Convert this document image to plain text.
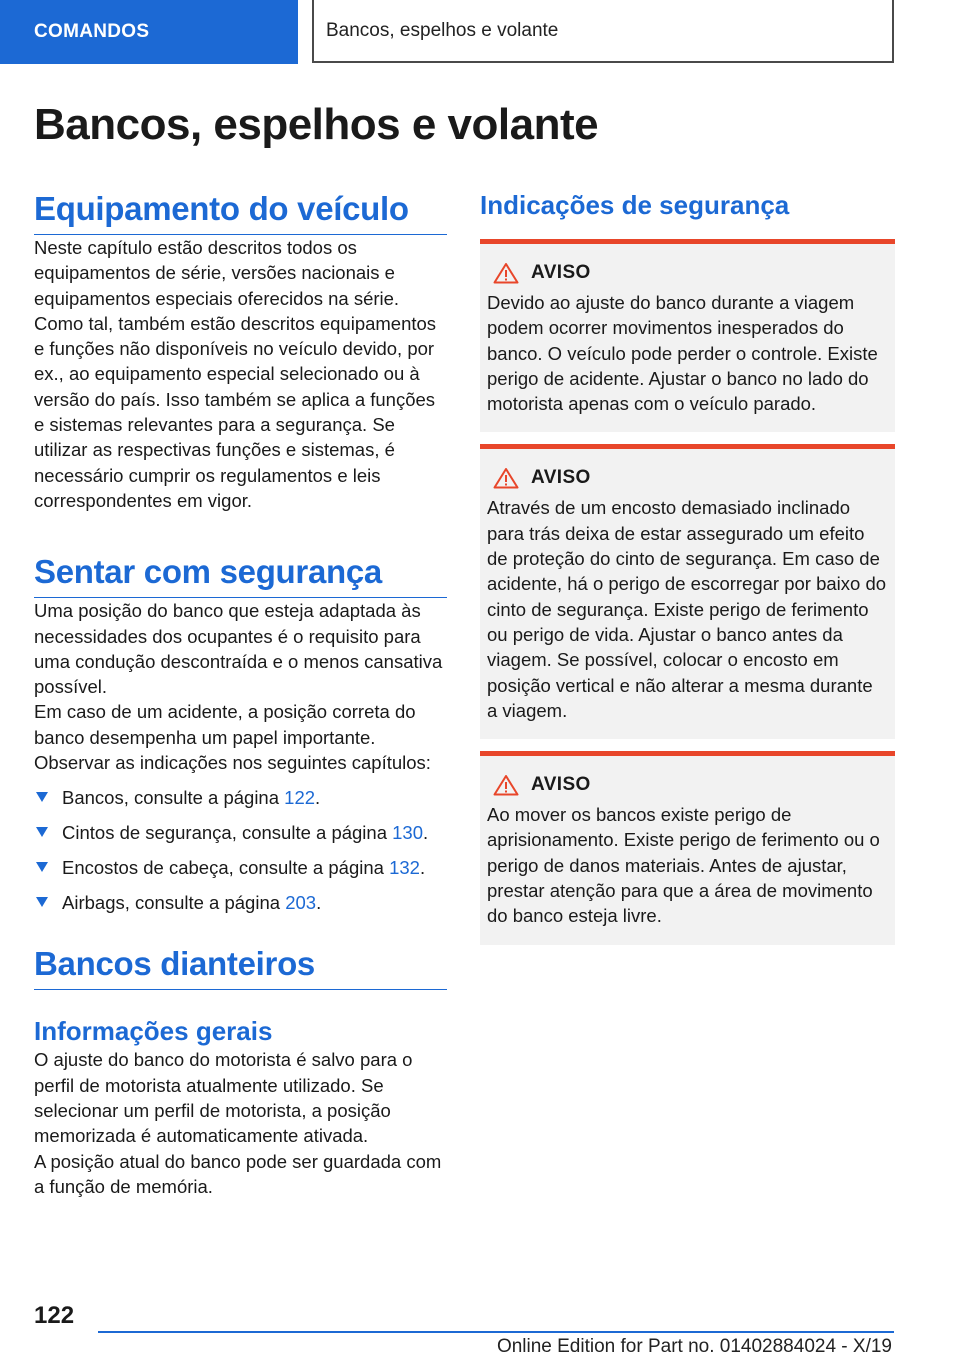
COMANDOS	Bancos, espelhos e volante
Bancos, espelhos e volante
Equipamento do veículo

Neste capítulo estão descritos todos os equipamentos de série, versões nacionais e equipamentos especiais oferecidos na série. Como tal, também estão descritos equipamentos e funções não disponíveis no veículo devido, por ex., ao equipamento especial selecionado ou à versão do país. Isso também se aplica a funções e sistemas relevantes para a segurança. Se utilizar as respectivas funções e sistemas, é necessário cumprir os regulamentos e leis correspondentes em vigor.

Sentar com segurança

Uma posição do banco que esteja adaptada às necessidades dos ocupantes é o requisito para uma condução descontraída e o menos cansativa possível.

Em caso de um acidente, a posição correta do banco desempenha um papel importante. Observar as indicações nos seguintes capítulos:

Bancos, consulte a página 122.
Cintos de segurança, consulte a página 130.
Encostos de cabeça, consulte a página 132.
Airbags, consulte a página 203.
Bancos dianteiros
Informações gerais

O ajuste do banco do motorista é salvo para o perfil de motorista atualmente utilizado. Se selecionar um perfil de motorista, a posição memorizada é automaticamente ativada.

A posição atual do banco pode ser guardada com a função de memória.

Indicações de segurança
AVISO

Devido ao ajuste do banco durante a viagem podem ocorrer movimentos inesperados do banco. O veículo pode perder o controle. Existe perigo de acidente. Ajustar o banco no lado do motorista apenas com o veículo parado.

AVISO

Através de um encosto demasiado inclinado para trás deixa de estar assegurado um efeito de proteção do cinto de segurança. Em caso de acidente, há o perigo de escorregar por baixo do cinto de segurança. Existe perigo de ferimento ou perigo de vida. Ajustar o banco antes da viagem. Se possível, colocar o encosto em posição vertical e não alterar a mesma durante a viagem.

AVISO

Ao mover os bancos existe perigo de aprisionamento. Existe perigo de ferimento ou o perigo de danos materiais. Antes de ajustar, prestar atenção para que a área de movimento do banco esteja livre.

122
Online Edition for Part no. 01402884024 - X/19
